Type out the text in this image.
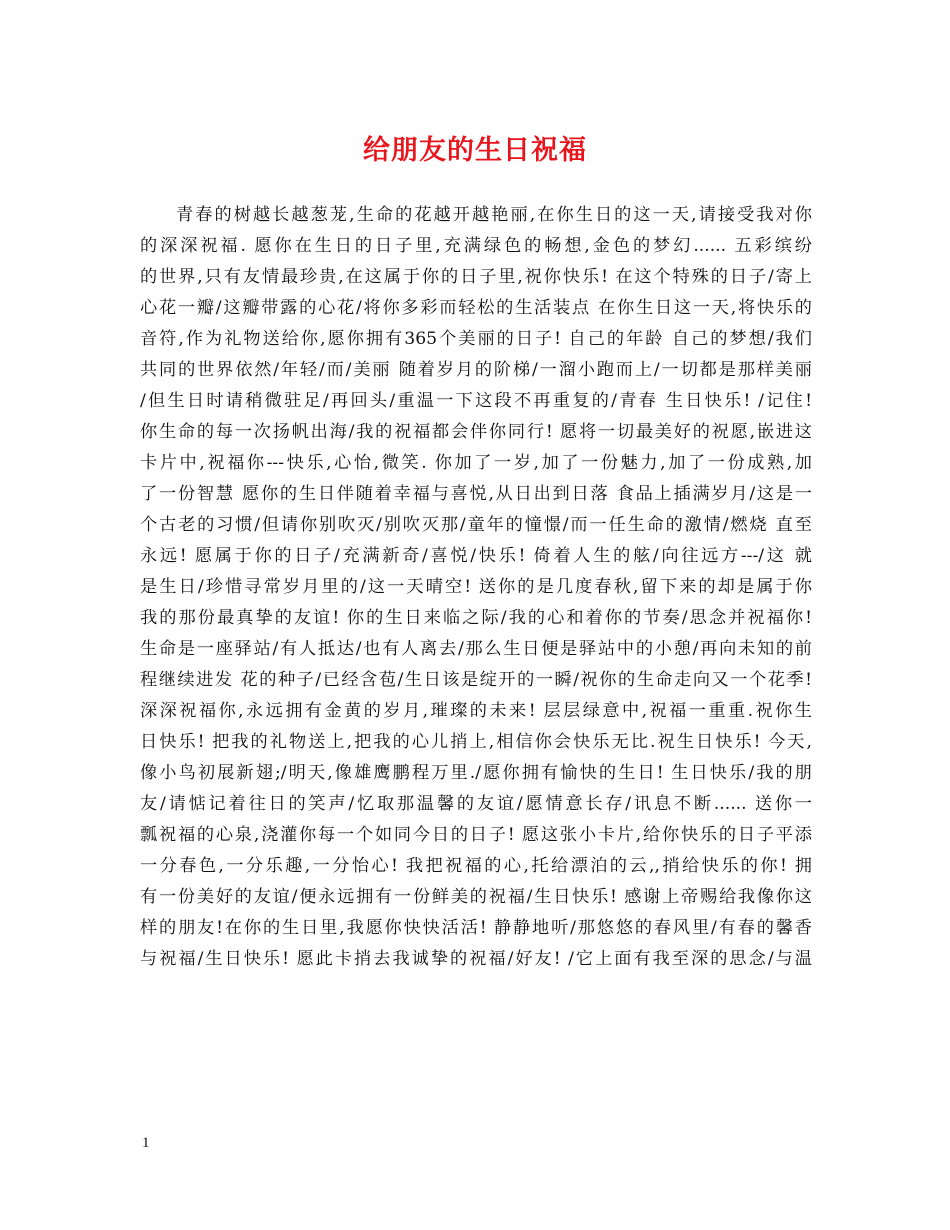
给朋友的生日祝福
青春的树越长越葱茏,生命的花越开越艳丽,在你生日的这一天,请接受我对你
的深深祝福. 愿你在生日的日子里,充满绿色的畅想,金色的梦幻...... 五彩缤纷
的世界,只有友情最珍贵,在这属于你的日子里,祝你快乐! 在这个特殊的日子/寄上
心花一瓣/这瓣带露的心花/将你多彩而轻松的生活装点 在你生日这一天,将快乐的
音符,作为礼物送给你,愿你拥有365个美丽的日子! 自己的年龄 自己的梦想/我们
共同的世界依然/年轻/而/美丽 随着岁月的阶梯/一溜小跑而上/一切都是那样美丽
/但生日时请稍微驻足/再回头/重温一下这段不再重复的/青春 生日快乐! /记住!
你生命的每一次扬帆出海/我的祝福都会伴你同行! 愿将一切最美好的祝愿,嵌进这
卡片中,祝福你---快乐,心怡,微笑. 你加了一岁,加了一份魅力,加了一份成熟,加
了一份智慧 愿你的生日伴随着幸福与喜悦,从日出到日落 食品上插满岁月/这是一
个古老的习惯/但请你别吹灭/别吹灭那/童年的憧憬/而一任生命的激情/燃烧 直至
永远! 愿属于你的日子/充满新奇/喜悦/快乐! 倚着人生的舷/向往远方---/这 就
是生日/珍惜寻常岁月里的/这一天晴空! 送你的是几度春秋,留下来的却是属于你
我的那份最真挚的友谊! 你的生日来临之际/我的心和着你的节奏/思念并祝福你!
生命是一座驿站/有人抵达/也有人离去/那么生日便是驿站中的小憩/再向未知的前
程继续进发 花的种子/已经含苞/生日该是绽开的一瞬/祝你的生命走向又一个花季!
深深祝福你,永远拥有金黄的岁月,璀璨的未来! 层层绿意中,祝福一重重.祝你生
日快乐! 把我的礼物送上,把我的心儿捎上,相信你会快乐无比.祝生日快乐! 今天,
像小鸟初展新翅;/明天,像雄鹰鹏程万里./愿你拥有愉快的生日! 生日快乐/我的朋
友/请惦记着往日的笑声/忆取那温馨的友谊/愿情意长存/讯息不断...... 送你一
瓢祝福的心泉,浇灌你每一个如同今日的日子! 愿这张小卡片,给你快乐的日子平添
一分春色,一分乐趣,一分怡心! 我把祝福的心,托给漂泊的云,,捎给快乐的你! 拥
有一份美好的友谊/便永远拥有一份鲜美的祝福/生日快乐! 感谢上帝赐给我像你这
样的朋友!在你的生日里,我愿你快快活活! 静静地听/那悠悠的春风里/有春的馨香
与祝福/生日快乐! 愿此卡捎去我诚挚的祝福/好友! /它上面有我至深的思念/与温
1
